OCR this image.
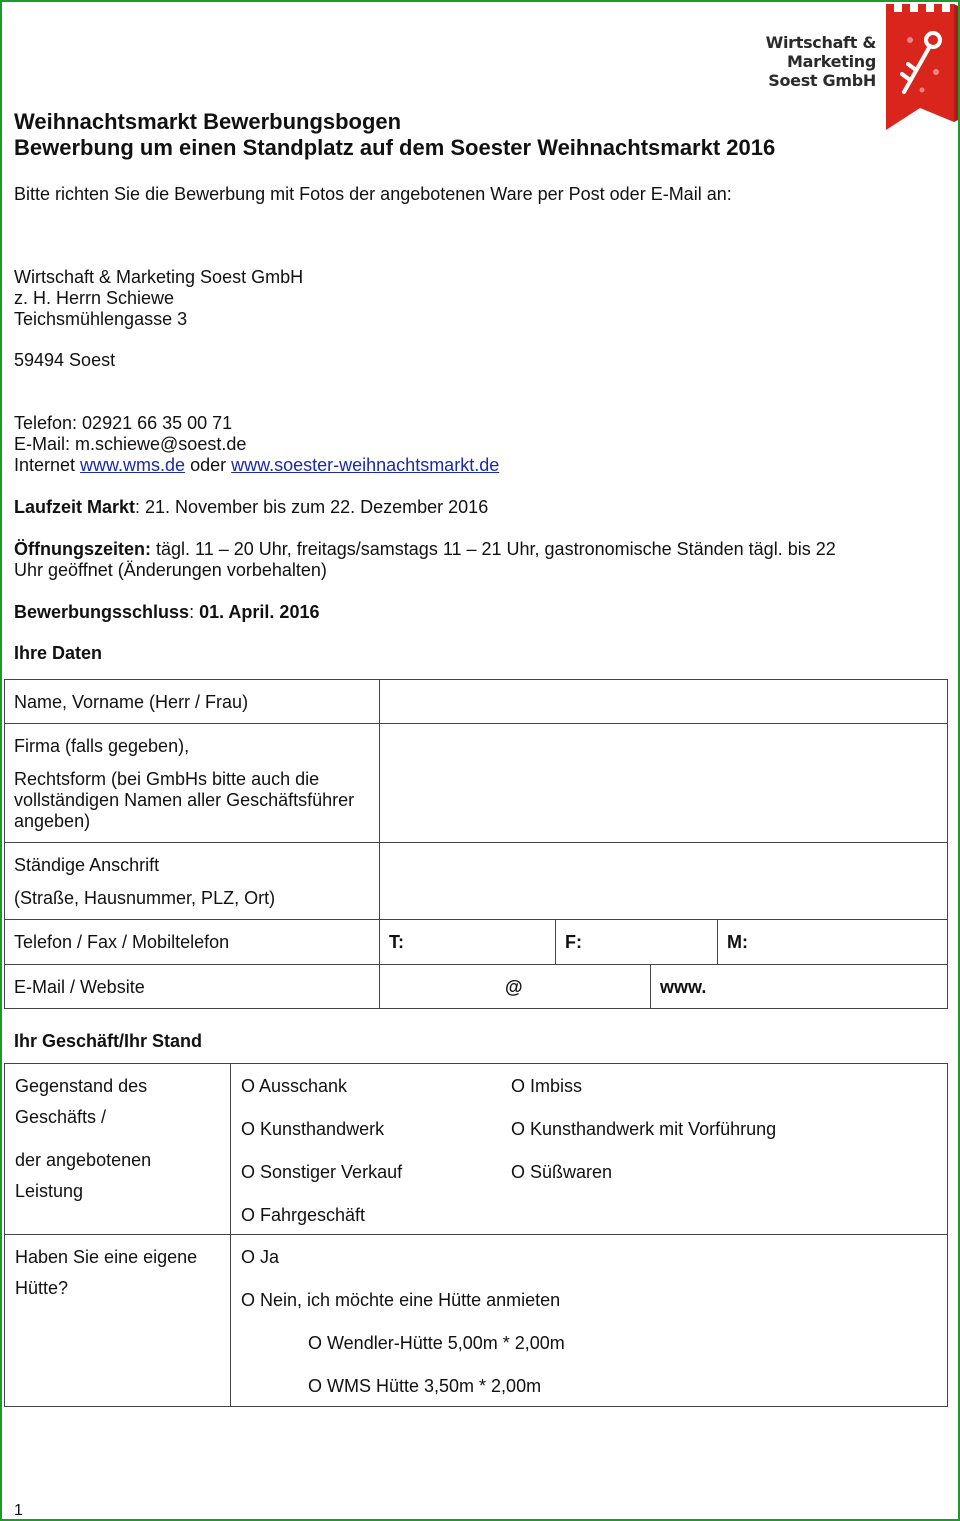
Wirtschaft &
Marketing
Soest GmbH
Weihnachtsmarkt Bewerbungsbogen
Bewerbung um einen Standplatz auf dem Soester Weihnachtsmarkt 2016
Bitte richten Sie die Bewerbung mit Fotos der angebotenen Ware per Post oder E-Mail an:
Wirtschaft & Marketing Soest GmbH
z. H. Herrn Schiewe
Teichsmühlengasse 3
59494 Soest
Telefon: 02921 66 35 00 71
E-Mail: m.schiewe@soest.de
Internet www.wms.de oder www.soester-weihnachtsmarkt.de
Laufzeit Markt: 21. November bis zum 22. Dezember 2016
Öffnungszeiten: tägl. 11 – 20 Uhr, freitags/samstags 11 – 21 Uhr, gastronomische Ständen tägl. bis 22
Uhr geöffnet (Änderungen vorbehalten)
Bewerbungsschluss: 01. April. 2016
Ihre Daten
Name, Vorname (Herr / Frau)
Firma (falls gegeben),
Rechtsform (bei GmbHs bitte auch die
vollständigen Namen aller Geschäftsführer
angeben)
Ständige Anschrift
(Straße, Hausnummer, PLZ, Ort)
Telefon / Fax / Mobiltelefon	T:	F:	M:
E-Mail / Website	@	www.
Ihr Geschäft/Ihr Stand
Gegenstand des
Geschäfts /
der angebotenen
Leistung
O Ausschank	O Imbiss
O Kunsthandwerk	O Kunsthandwerk mit Vorführung
O Sonstiger Verkauf	O Süßwaren
O Fahrgeschäft
Haben Sie eine eigene
Hütte?
O Ja
O Nein, ich möchte eine Hütte anmieten
O Wendler-Hütte 5,00m * 2,00m
O WMS Hütte 3,50m * 2,00m
1
